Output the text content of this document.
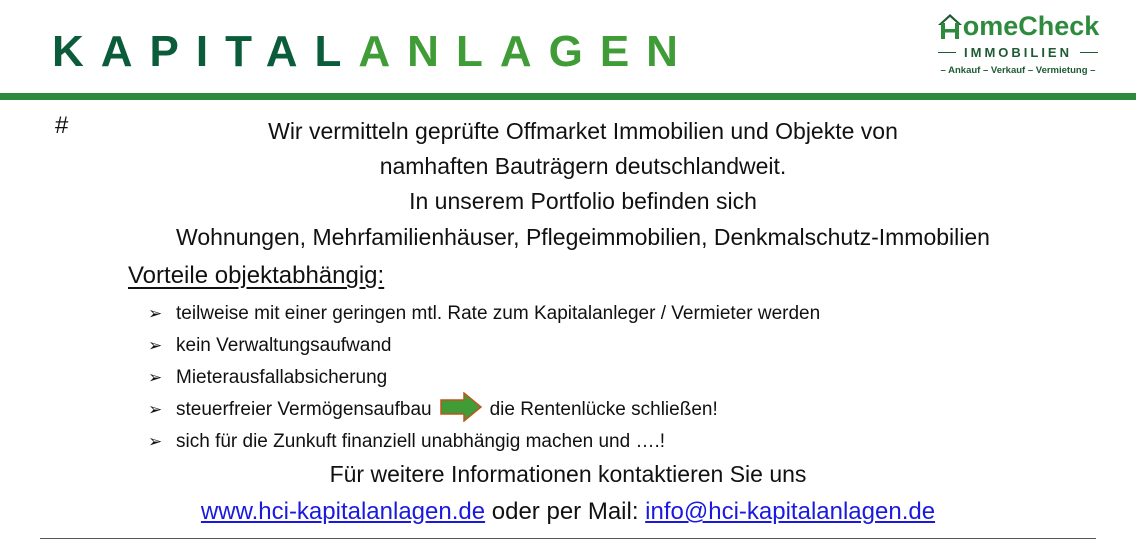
KAPITALANLAGEN
ome Check
IMMOBILIEN
– Ankauf – Verkauf – Vermietung –
#	Wir vermitteln geprüfte Offmarket Immobilien und Objekte von
namhaften Bauträgern deutschlandweit.
In unserem Portfolio befinden sich
Wohnungen, Mehrfamilienhäuser, Pflegeimmobilien, Denkmalschutz-Immobilien
Vorteile objektabhängig:
➢ teilweise mit einer geringen mtl. Rate zum Kapitalanleger / Vermieter werden
➢ kein Verwaltungsaufwand
➢ Mieterausfallabsicherung
➢ steuerfreier Vermögensaufbau	die Rentenlücke schließen!
➢ sich für die Zunkuft finanziell unabhängig machen und ….!
Für weitere Informationen kontaktieren Sie uns
www.hci-kapitalanlagen.de oder per Mail: info@hci-kapitalanlagen.de
